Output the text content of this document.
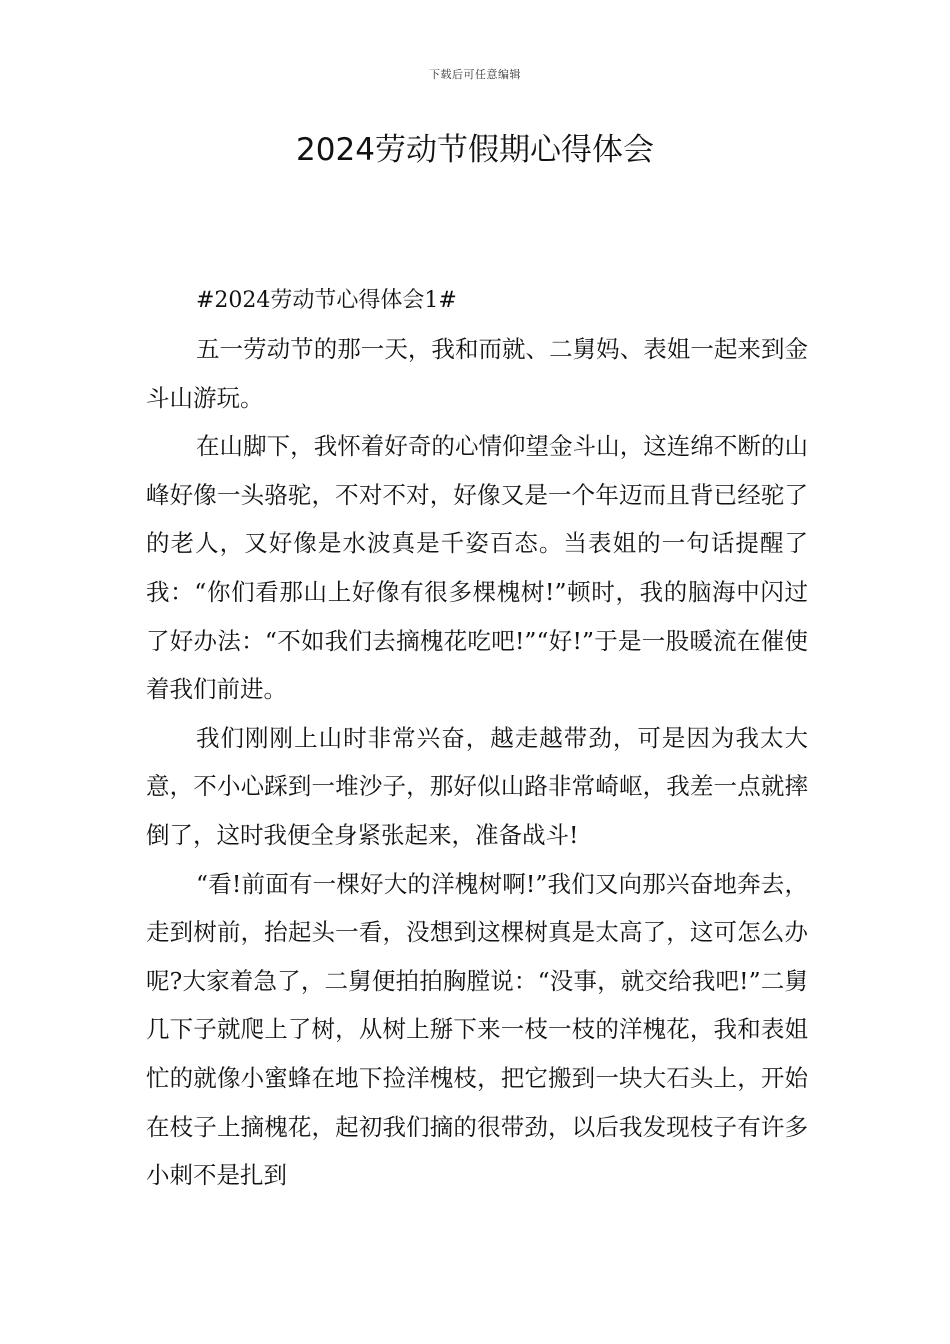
下载后可任意编辑
2024劳动节假期心得体会

#2024劳动节心得体会1#

五一劳动节的那一天，我和而就、二舅妈、表姐一起来到金斗山游玩。

在山脚下，我怀着好奇的心情仰望金斗山，这连绵不断的山峰好像一头骆驼，不对不对，好像又是一个年迈而且背已经驼了的老人，又好像是水波真是千姿百态。当表姐的一句话提醒了我：“你们看那山上好像有很多棵槐树!”顿时，我的脑海中闪过了好办法：“不如我们去摘槐花吃吧!”“好!”于是一股暖流在催使着我们前进。

我们刚刚上山时非常兴奋，越走越带劲，可是因为我太大意，不小心踩到一堆沙子，那好似山路非常崎岖，我差一点就摔倒了，这时我便全身紧张起来，准备战斗!

“看!前面有一棵好大的洋槐树啊!”我们又向那兴奋地奔去，走到树前，抬起头一看，没想到这棵树真是太高了，这可怎么办呢?大家着急了，二舅便拍拍胸膛说：“没事，就交给我吧!”二舅几下子就爬上了树，从树上掰下来一枝一枝的洋槐花，我和表姐忙的就像小蜜蜂在地下捡洋槐枝，把它搬到一块大石头上，开始在枝子上摘槐花，起初我们摘的很带劲，以后我发现枝子有许多小刺不是扎到
